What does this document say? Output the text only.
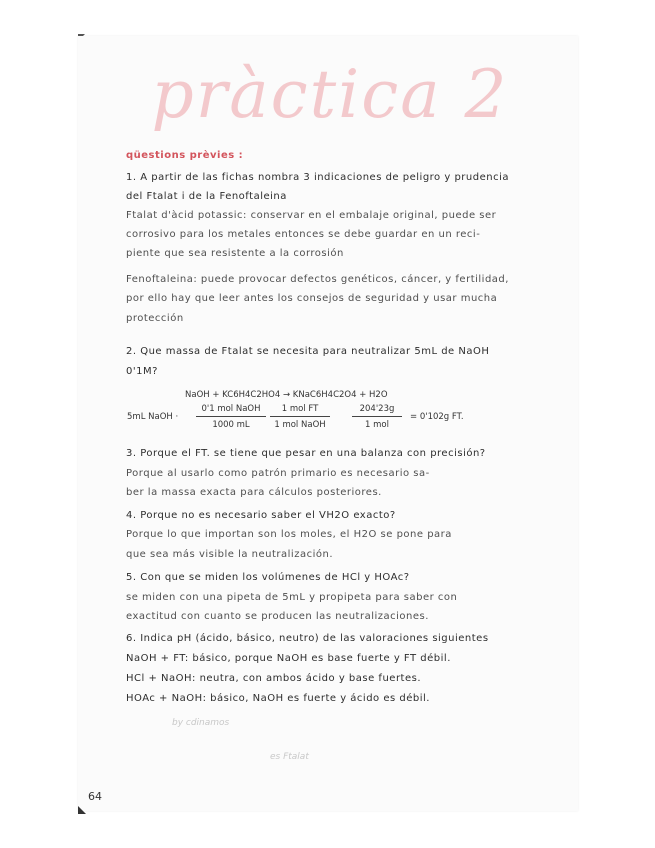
pràctica 2
qüestions prèvies :
1. A partir de las fichas nombra 3 indicaciones de peligro y prudencia
del Ftalat i de la Fenoftaleina
Ftalat d'àcid potassic: conservar en el embalaje original, puede ser
corrosivo para los metales entonces se debe guardar en un reci-
piente que sea resistente a la corrosión
Fenoftaleina: puede provocar defectos genéticos, cáncer, y fertilidad,
por ello hay que leer antes los consejos de seguridad y usar mucha
protección
2. Que massa de Ftalat se necesita para neutralizar 5mL de NaOH
0'1M?
NaOH + KC6H4C2HO4 → KNaC6H4C2O4 + H2O
5mL NaOH ·
0'1 mol NaOH
1000 mL
1 mol FT
1 mol NaOH
204'23g
1 mol
= 0'102g FT.
3. Porque el FT. se tiene que pesar en una balanza con precisión?
Porque al usarlo como patrón primario es necesario sa-
ber la massa exacta para cálculos posteriores.
4. Porque no es necesario saber el VH2O exacto?
Porque lo que importan son los moles, el H2O se pone para
que sea más visible la neutralización.
5. Con que se miden los volúmenes de HCl y HOAc?
se miden con una pipeta de 5mL y propipeta para saber con
exactitud con cuanto se producen las neutralizaciones.
6. Indica pH (ácido, básico, neutro) de las valoraciones siguientes
NaOH + FT: básico, porque NaOH es base fuerte y FT débil.
HCl + NaOH: neutra, con ambos ácido y base fuertes.
HOAc + NaOH: básico, NaOH es fuerte y ácido es débil.
by cdinamos
es Ftalat
64
